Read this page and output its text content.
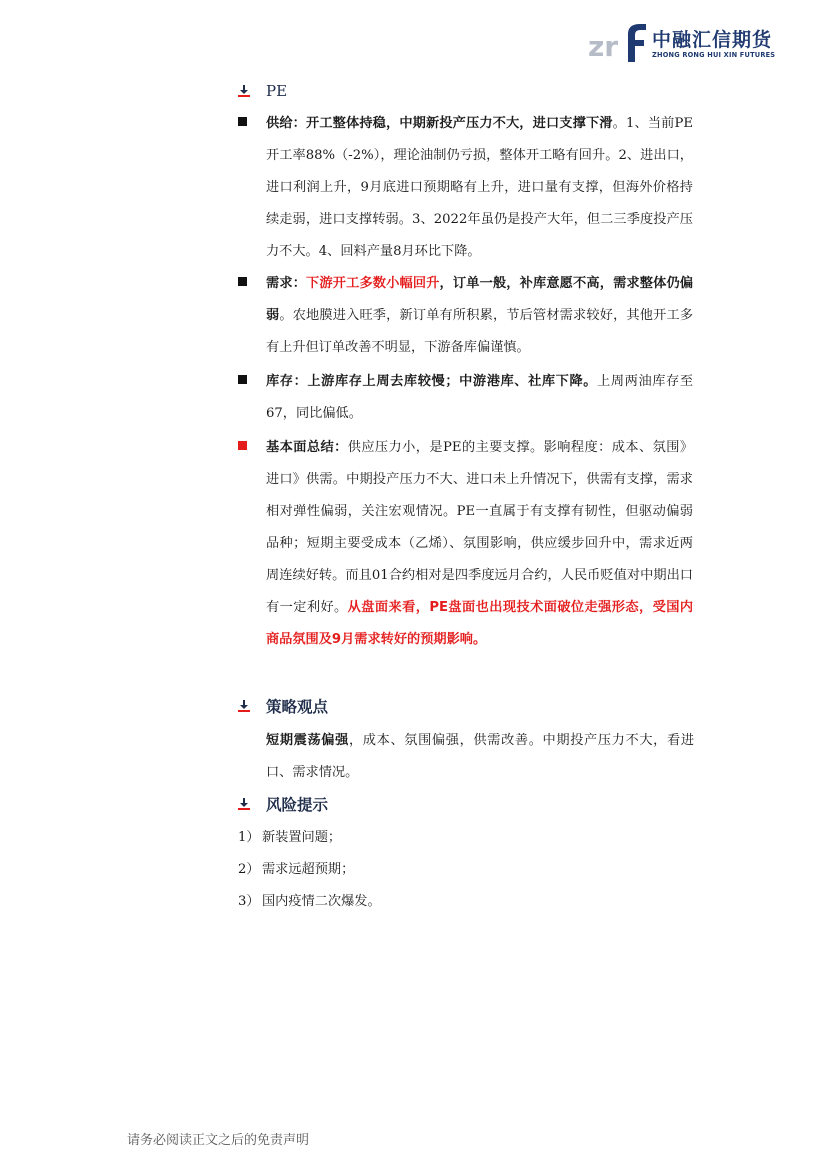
zr 中融汇信期货
ZHONG RONG HUI XIN FUTURES
PE
供给：开工整体持稳，中期新投产压力不大，进口支撑下滑。1、当前PE开工率88%（-2%），理论油制仍亏损，整体开工略有回升。2、进出口，进口利润上升，9月底进口预期略有上升，进口量有支撑，但海外价格持续走弱，进口支撑转弱。3、2022年虽仍是投产大年，但二三季度投产压力不大。4、回料产量8月环比下降。
需求：下游开工多数小幅回升，订单一般，补库意愿不高，需求整体仍偏弱。农地膜进入旺季，新订单有所积累，节后管材需求较好，其他开工多有上升但订单改善不明显，下游备库偏谨慎。
库存：上游库存上周去库较慢；中游港库、社库下降。上周两油库存至67，同比偏低。
基本面总结：供应压力小，是PE的主要支撑。影响程度：成本、氛围》进口》供需。中期投产压力不大、进口未上升情况下，供需有支撑，需求相对弹性偏弱，关注宏观情况。PE一直属于有支撑有韧性，但驱动偏弱品种；短期主要受成本（乙烯）、氛围影响，供应缓步回升中，需求近两周连续好转。而且01合约相对是四季度远月合约，人民币贬值对中期出口有一定利好。从盘面来看，PE盘面也出现技术面破位走强形态，受国内商品氛围及9月需求转好的预期影响。
策略观点
短期震荡偏强，成本、氛围偏强，供需改善。中期投产压力不大，看进口、需求情况。
风险提示
1） 新装置问题；
2） 需求远超预期；
3） 国内疫情二次爆发。
请务必阅读正文之后的免责声明
